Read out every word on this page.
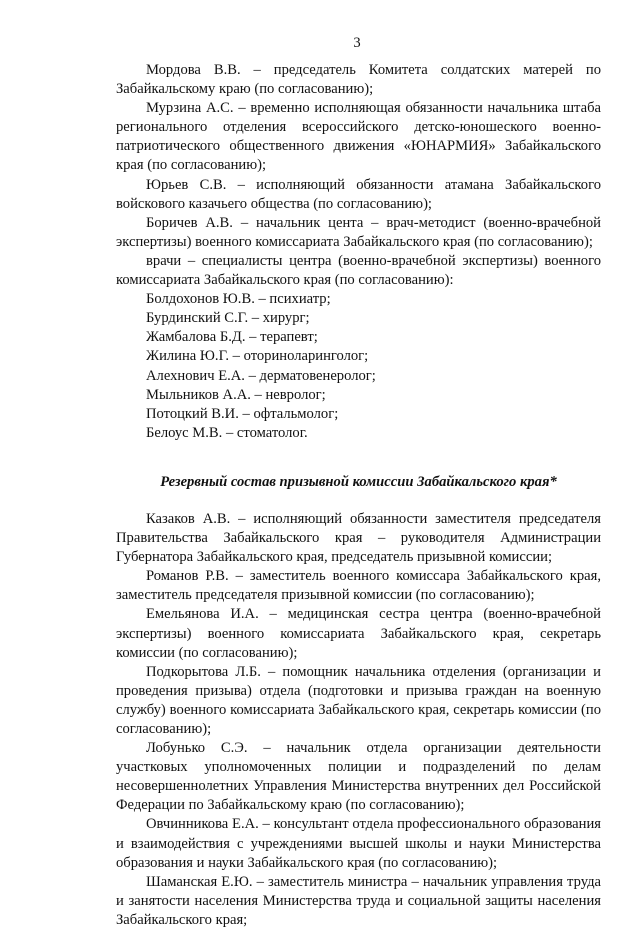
3

Мордова В.В. – председатель Комитета солдатских матерей по Забайкальскому краю (по согласованию);

Мурзина А.С. – временно исполняющая обязанности начальника штаба регионального отделения всероссийского детско-юношеского военно-патриотического общественного движения «ЮНАРМИЯ» Забайкальского края (по согласованию);

Юрьев С.В. – исполняющий обязанности атамана Забайкальского войскового казачьего общества (по согласованию);

Боричев А.В. – начальник цента – врач-методист (военно-врачебной экспертизы) военного комиссариата Забайкальского края (по согласованию);

врачи – специалисты центра (военно-врачебной экспертизы) военного комиссариата Забайкальского края (по согласованию):

Болдохонов Ю.В. – психиатр;

Бурдинский С.Г. – хирург;

Жамбалова Б.Д. – терапевт;

Жилина Ю.Г. – оториноларинголог;

Алехнович Е.А. – дерматовенеролог;

Мыльников А.А. – невролог;

Потоцкий В.И. – офтальмолог;

Белоус М.В. – стоматолог.

Резервный состав призывной комиссии Забайкальского края*

Казаков А.В. – исполняющий обязанности заместителя председателя Правительства Забайкальского края – руководителя Администрации Губернатора Забайкальского края, председатель призывной комиссии;

Романов Р.В. – заместитель военного комиссара Забайкальского края, заместитель председателя призывной комиссии (по согласованию);

Емельянова И.А. – медицинская сестра центра (военно-врачебной экспертизы) военного комиссариата Забайкальского края, секретарь комиссии (по согласованию);

Подкорытова Л.Б. – помощник начальника отделения (организации и проведения призыва) отдела (подготовки и призыва граждан на военную службу) военного комиссариата Забайкальского края, секретарь комиссии (по согласованию);

Лобунько С.Э. – начальник отдела организации деятельности участковых уполномоченных полиции и подразделений по делам несовершеннолетних Управления Министерства внутренних дел Российской Федерации по Забайкальскому краю (по согласованию);

Овчинникова Е.А. – консультант отдела профессионального образования и взаимодействия с учреждениями высшей школы и науки Министерства образования и науки Забайкальского края (по согласованию);

Шаманская Е.Ю. – заместитель министра – начальник управления труда и занятости населения Министерства труда и социальной защиты населения Забайкальского края;
